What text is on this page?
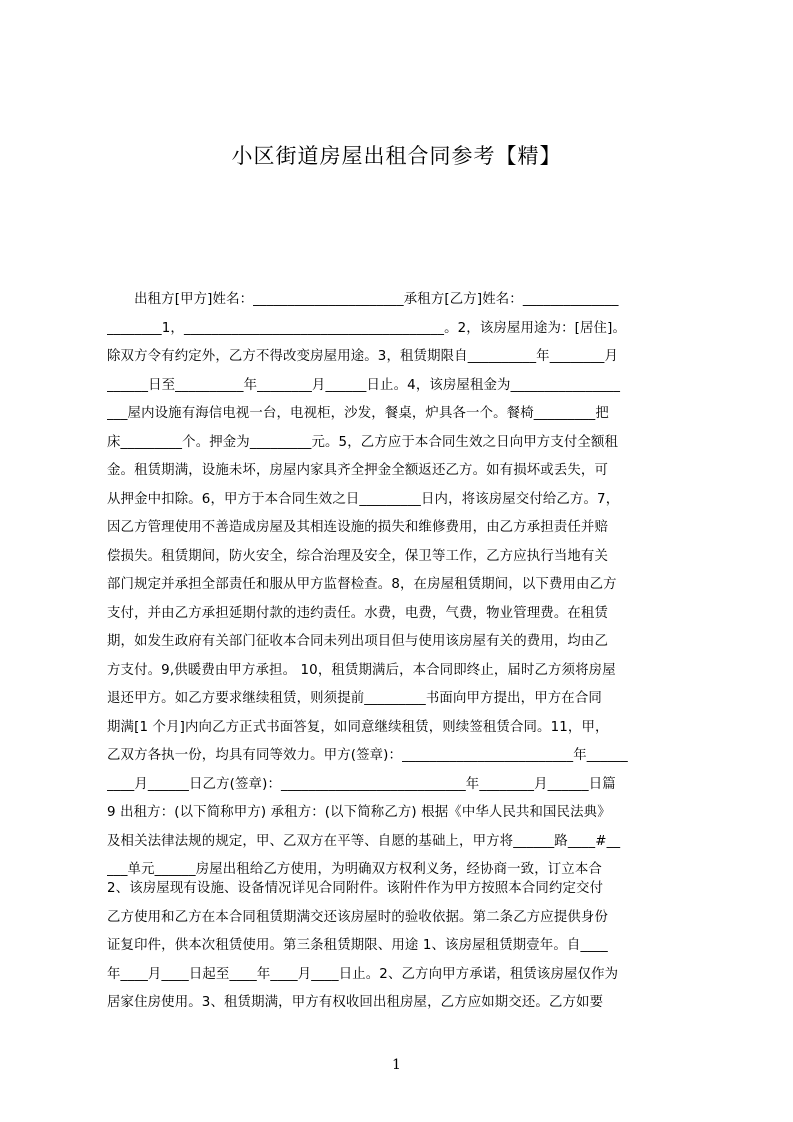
小区街道房屋出租合同参考【精】
　　出租方[甲方]姓名：______________________承租方[乙方]姓名：______________
________1，______________________________________。2，该房屋用途为：[居住]。
除双方令有约定外，乙方不得改变房屋用途。3，租赁期限自__________年________月
______日至__________年________月______日止。4，该房屋租金为________________
___屋内设施有海信电视一台，电视柜，沙发，餐桌，炉具各一个。餐椅_________把
床_________个。押金为_________元。5，乙方应于本合同生效之日向甲方支付全额租
金。租赁期满，设施未坏，房屋内家具齐全押金全额返还乙方。如有损坏或丢失，可
从押金中扣除。6，甲方于本合同生效之日_________日内，将该房屋交付给乙方。7，
因乙方管理使用不善造成房屋及其相连设施的损失和维修费用，由乙方承担责任并赔
偿损失。租赁期间，防火安全，综合治理及安全，保卫等工作，乙方应执行当地有关
部门规定并承担全部责任和服从甲方监督检查。8，在房屋租赁期间，以下费用由乙方
支付，并由乙方承担延期付款的违约责任。水费，电费，气费，物业管理费。在租赁
期，如发生政府有关部门征收本合同未列出项目但与使用该房屋有关的费用，均由乙
方支付。9,供暖费由甲方承担。 10，租赁期满后，本合同即终止，届时乙方须将房屋
退还甲方。如乙方要求继续租赁，则须提前_________书面向甲方提出，甲方在合同
期满[1 个月]内向乙方正式书面答复，如同意继续租赁，则续签租赁合同。11，甲，
乙双方各执一份，均具有同等效力。甲方(签章)：_________________________年______
____月______日乙方(签章)：___________________________年________月______日篇
9 出租方：(以下简称甲方) 承租方：(以下简称乙方) 根据《中华人民共和国民法典》
及相关法律法规的规定，甲、乙双方在平等、自愿的基础上，甲方将______路____#__
___单元______房屋出租给乙方使用，为明确双方权利义务，经协商一致，订立本合
2、该房屋现有设施、设备情况详见合同附件。该附件作为甲方按照本合同约定交付
乙方使用和乙方在本合同租赁期满交还该房屋时的验收依据。第二条乙方应提供身份
证复印件，供本次租赁使用。第三条租赁期限、用途 1、该房屋租赁期壹年。自____
年____月____日起至____年____月____日止。2、乙方向甲方承诺，租赁该房屋仅作为
居家住房使用。3、租赁期满，甲方有权收回出租房屋，乙方应如期交还。乙方如要
1
